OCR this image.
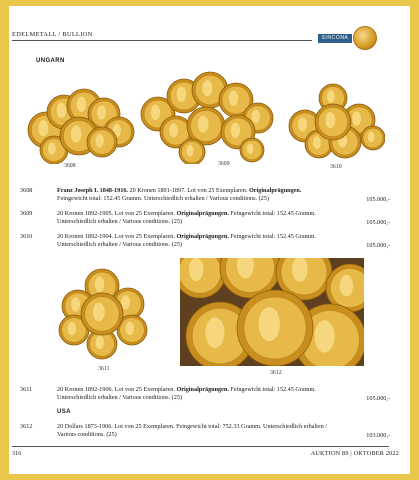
EDELMETALL / BULLION	SINCONA
UNGARN
3608	3609	3610
3608	Franz Joseph I. 1848-1916. 20 Kronen 1891-1897. Lot von 25 Exemplaren. Originalprägungen. Feingewicht total: 152.45 Gramm. Unterschiedlich erhalten / Various conditions. (25)	105.000,-
3609	20 Kronen 1892-1905. Lot von 25 Exemplaren. Originalprägungen. Feingewicht total: 152.45 Gramm. Unterschiedlich erhalten / Various conditions. (25)	105.000,-
3610	20 Kronen 1892-1904. Lot von 25 Exemplaren. Originalprägungen. Feingewicht total: 152.45 Gramm. Unterschiedlich erhalten / Various conditions. (25)	105.000,-
3611
3612
3611	20 Kronen 1892-1906. Lot von 25 Exemplaren. Originalprägungen. Feingewicht total: 152.45 Gramm. Unterschiedlich erhalten / Various conditions. (25)	105.000,-
USA
3612	20 Dollars 1873-1906. Lot von 25 Exemplaren. Feingewicht total: 752.33 Gramm. Unterschiedlich erhalten / Various conditions. (25)	103.000,-
316	AUKTION 89 | OKTOBER 2022
